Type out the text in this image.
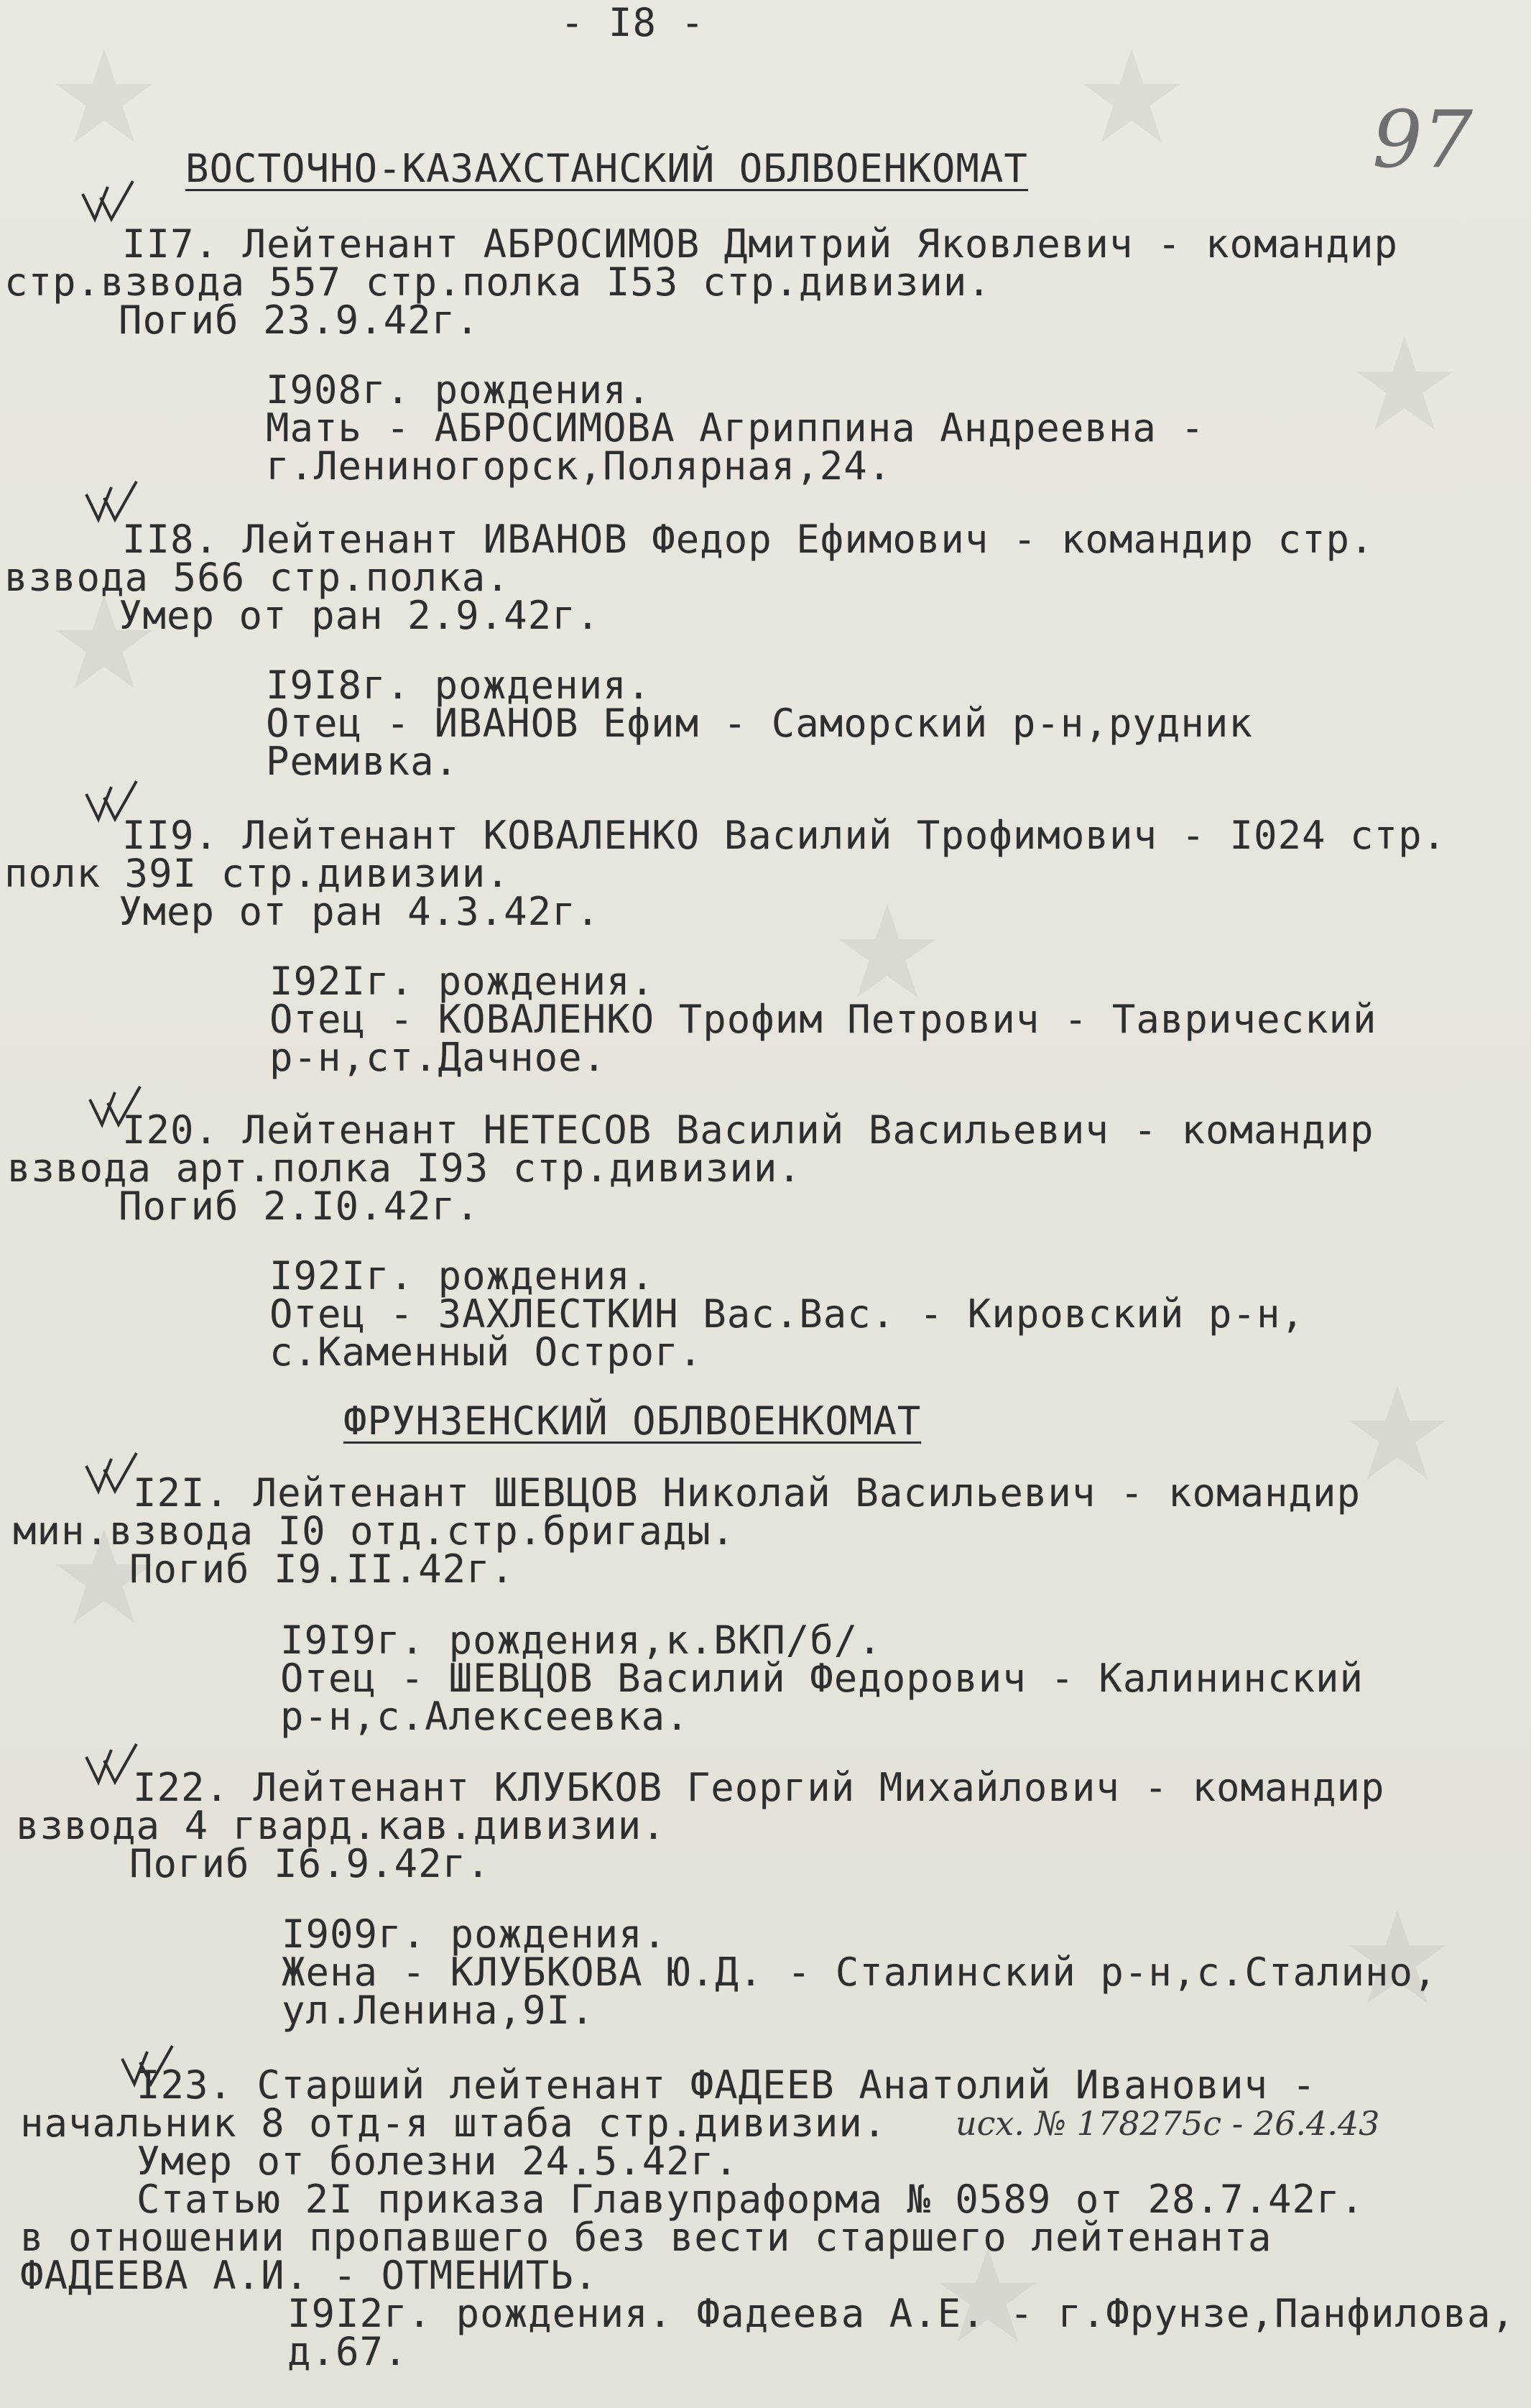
- I8 -
97
ВОСТОЧНО-КАЗАХСТАНСКИЙ ОБЛВОЕНКОМАТ
II7. Лейтенант АБРОСИМОВ Дмитрий Яковлевич - командир
стр.взвода 557 стр.полка I53 стр.дивизии.
Погиб 23.9.42г.
I908г. рождения.
Мать - АБРОСИМОВА Агриппина Андреевна -
г.Лениногорск,Полярная,24.
II8. Лейтенант ИВАНОВ Федор Ефимович - командир стр.
взвода 566 стр.полка.
Умер от ран 2.9.42г.
I9I8г. рождения.
Отец - ИВАНОВ Ефим - Саморский р-н,рудник
Ремивка.
II9. Лейтенант КОВАЛЕНКО Василий Трофимович - I024 стр.
полк 39I стр.дивизии.
Умер от ран 4.3.42г.
I92Iг. рождения.
Отец - КОВАЛЕНКО Трофим Петрович - Таврический
р-н,ст.Дачное.
I20. Лейтенант НЕТЕСОВ Василий Васильевич - командир
взвода арт.полка I93 стр.дивизии.
Погиб 2.I0.42г.
I92Iг. рождения.
Отец - ЗАХЛЕСТКИН Вас.Вас. - Кировский р-н,
с.Каменный Острог.
ФРУНЗЕНСКИЙ ОБЛВОЕНКОМАТ
I2I. Лейтенант ШЕВЦОВ Николай Васильевич - командир
мин.взвода I0 отд.стр.бригады.
Погиб I9.II.42г.
I9I9г. рождения,к.ВКП/б/.
Отец - ШЕВЦОВ Василий Федорович - Калининский
р-н,с.Алексеевка.
I22. Лейтенант КЛУБКОВ Георгий Михайлович - командир
взвода 4 гвард.кав.дивизии.
Погиб I6.9.42г.
I909г. рождения.
Жена - КЛУБКОВА Ю.Д. - Сталинский р-н,с.Сталино,
ул.Ленина,9I.
I23. Старший лейтенант ФАДЕЕВ Анатолий Иванович -
начальник 8 отд-я штаба стр.дивизии. исх. № 178275с - 26.4.43
Умер от болезни 24.5.42г.
Статью 2I приказа Главупраформа № 0589 от 28.7.42г.
в отношении пропавшего без вести старшего лейтенанта
ФАДЕЕВА А.И. - ОТМЕНИТЬ.
I9I2г. рождения. Фадеева А.Е. - г.Фрунзе,Панфилова,
д.67.
